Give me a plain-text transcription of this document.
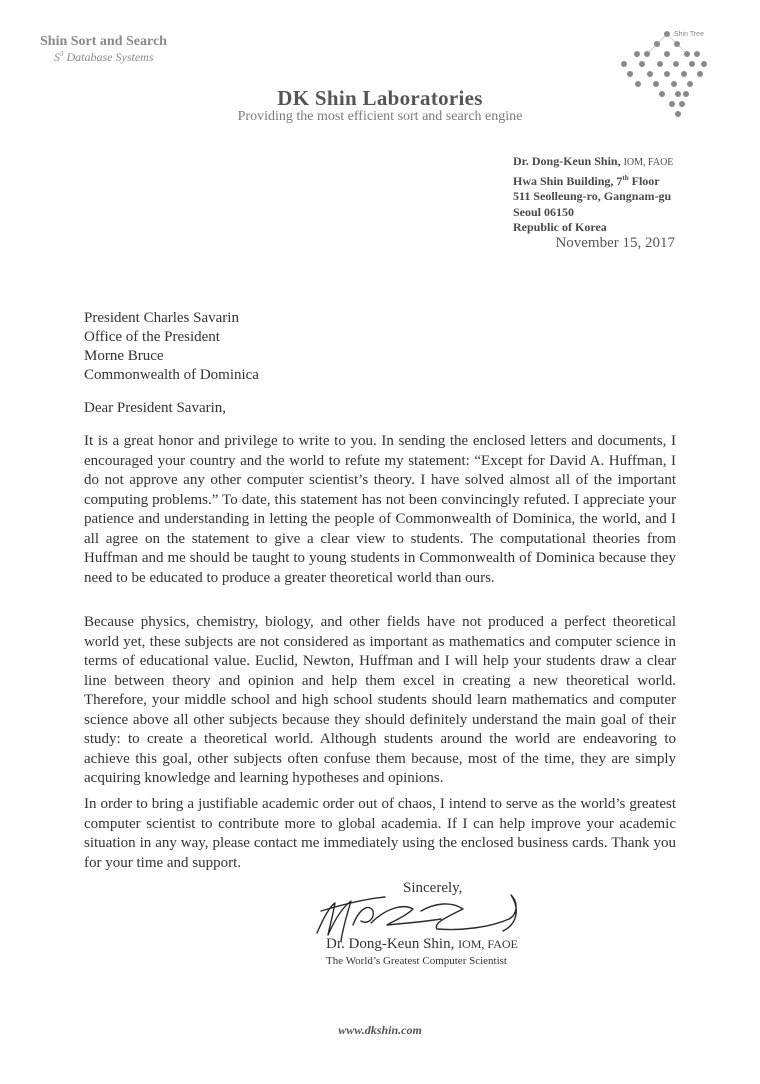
Shin Sort and Search
$S^3$ Database Systems
DK Shin Laboratories
Providing the most efficient sort and search engine
Shin Tree
Dr. Dong-Keun Shin, IOM, FAOE
Hwa Shin Building, 7th Floor
511 Seolleung-ro, Gangnam-gu
Seoul 06150
Republic of Korea
November 15, 2017
President Charles Savarin
Office of the President
Morne Bruce
Commonwealth of Dominica
Dear President Savarin,
It is a great honor and privilege to write to you. In sending the enclosed letters and documents, I encouraged your country and the world to refute my statement: “Except for David A. Huffman, I do not approve any other computer scientist’s theory. I have solved almost all of the important computing problems.” To date, this statement has not been convincingly refuted. I appreciate your patience and understanding in letting the people of Commonwealth of Dominica, the world, and I all agree on the statement to give a clear view to students. The computational theories from Huffman and me should be taught to young students in Commonwealth of Dominica because they need to be educated to produce a greater theoretical world than ours.
Because physics, chemistry, biology, and other fields have not produced a perfect theoretical world yet, these subjects are not considered as important as mathematics and computer science in terms of educational value. Euclid, Newton, Huffman and I will help your students draw a clear line between theory and opinion and help them excel in creating a new theoretical world. Therefore, your middle school and high school students should learn mathematics and computer science above all other subjects because they should definitely understand the main goal of their study: to create a theoretical world. Although students around the world are endeavoring to achieve this goal, other subjects often confuse them because, most of the time, they are simply acquiring knowledge and learning hypotheses and opinions.
In order to bring a justifiable academic order out of chaos, I intend to serve as the world’s greatest computer scientist to contribute more to global academia. If I can help improve your academic situation in any way, please contact me immediately using the enclosed business cards. Thank you for your time and support.
Sincerely,
Dr. Dong-Keun Shin, IOM, FAOE
The World’s Greatest Computer Scientist
www.dkshin.com
